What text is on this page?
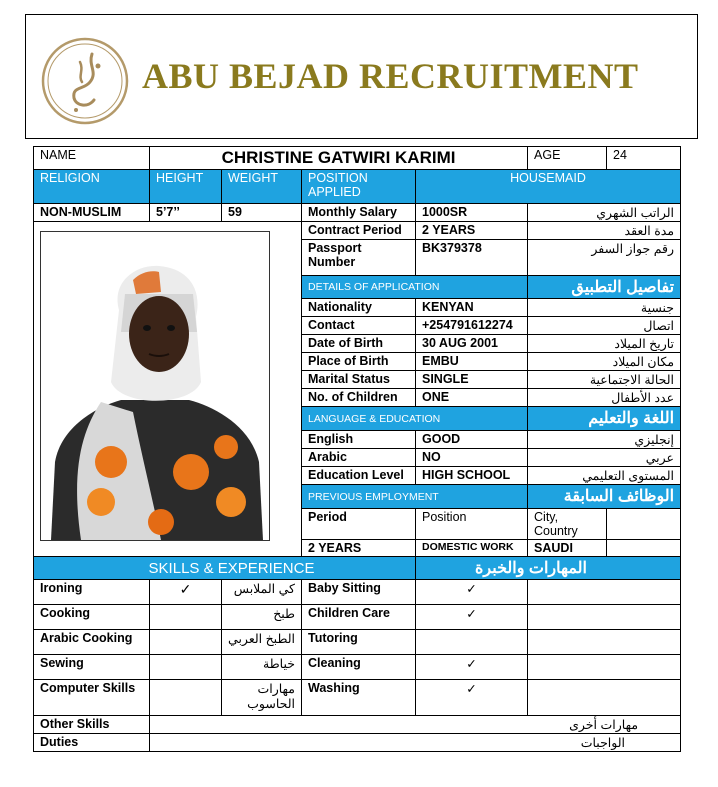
ABU BEJAD RECRUITMENT
NAME	CHRISTINE GATWIRI KARIMI				AGE	24
RELIGION	HEIGHT	WEIGHT	POSITION APPLIED	HOUSEMAID		
NON-MUSLIM	5’7’’	59	Monthly Salary	1000SR	الراتب الشهري	

	Contract Period	2 YEARS	مدة العقد	
			Passport Number	BK379378	رقم جواز السفر	
			DETAILS OF APPLICATION		تفاصيل التطبيق	
			Nationality	KENYAN	جنسية	
			Contact	+254791612274	اتصال	
			Date of Birth	30 AUG 2001	تاريخ الميلاد	
			Place of Birth	EMBU	مكان الميلاد	
			Marital Status	SINGLE	الحالة الاجتماعية	
			No. of Children	ONE	عدد الأطفال	
			LANGUAGE & EDUCATION		اللغة والتعليم	
			English	GOOD	إنجليزي	
			Arabic	NO	عربي	
			Education Level	HIGH SCHOOL	المستوى التعليمي	
			PREVIOUS EMPLOYMENT		الوظائف السابقة	
			Period	Position	City, Country	
			2 YEARS	DOMESTIC WORK	SAUDI	
SKILLS & EXPERIENCE				المهارات والخبرة		
Ironing	✓	كي الملابس	Baby Sitting	✓		
Cooking		طبخ	Children Care	✓		
Arabic Cooking		الطبخ العربي	Tutoring			
Sewing		خياطة	Cleaning	✓		
Computer Skills		مهارات الحاسوب	Washing	✓		
Other Skills	مهارات أخرى					
Duties	الواجبات					
